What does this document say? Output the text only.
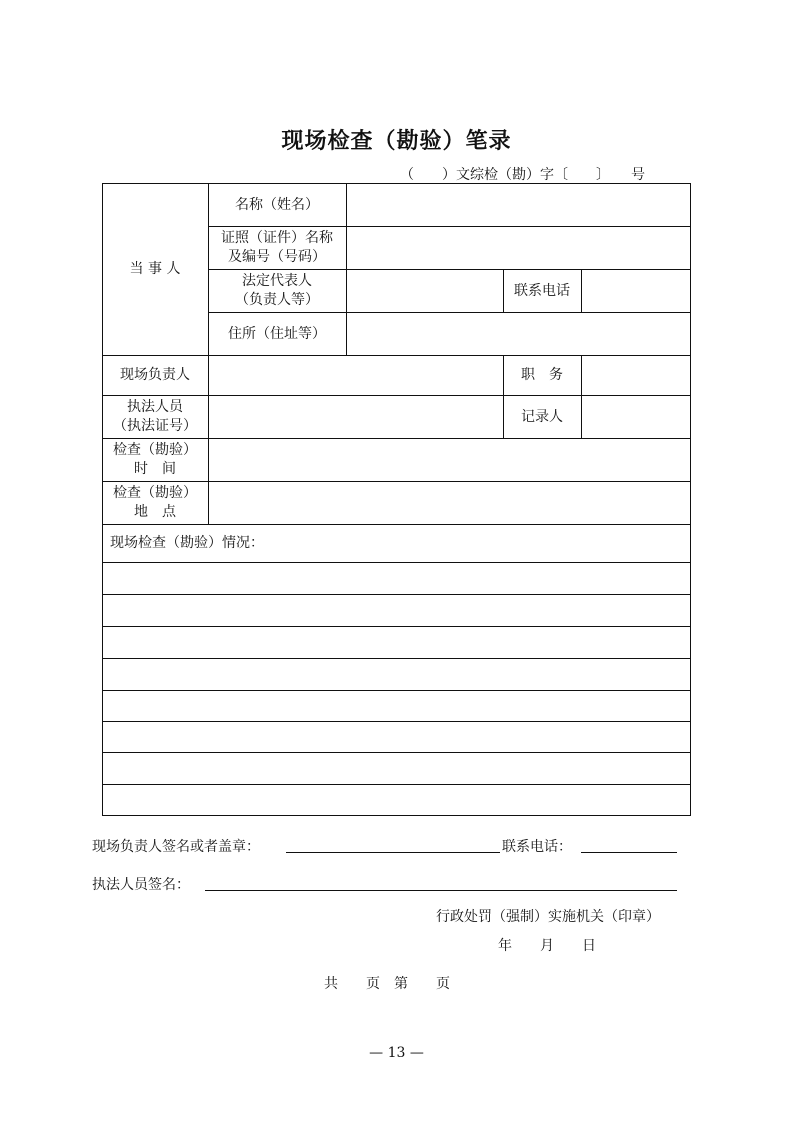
现场检查（勘验）笔录
（　　）文综检（勘）字〔　　〕　　号
当 事 人
名称（姓名）
证照（证件）名称
及编号（号码）
法定代表人
（负责人等）
联系电话
住所（住址等）
现场负责人	职　务
执法人员
（执法证号）
记录人
检查（勘验）
时　间
检查（勘验）
地　点
现场检查（勘验）情况：
现场负责人签名或者盖章：	联系电话：
执法人员签名：
行政处罚（强制）实施机关（印章）
年　　月　　日
共　　页　第　　页
— 13 —
